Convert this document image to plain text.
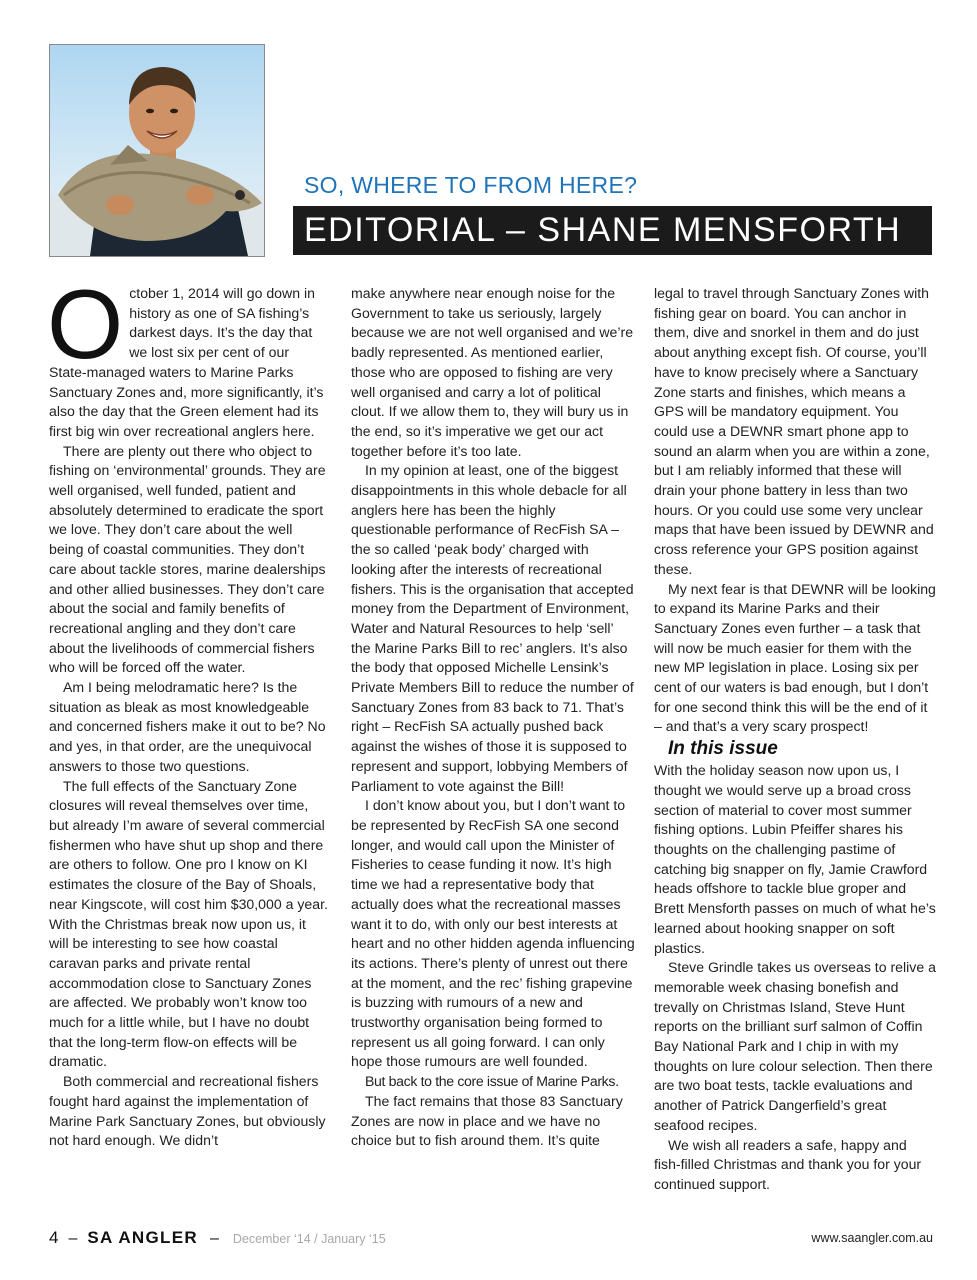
SO, WHERE TO FROM HERE?
EDITORIAL – SHANE MENSFORTH

October 1, 2014 will go down in history as one of SA fishing’s darkest days. It’s the day that we lost six per cent of our State-managed waters to Marine Parks Sanctuary Zones and, more significantly, it’s also the day that the Green element had its first big win over recreational anglers here.

There are plenty out there who object to fishing on ‘environmental’ grounds. They are well organised, well funded, patient and absolutely determined to eradicate the sport we love. They don’t care about the well being of coastal communities. They don’t care about tackle stores, marine dealerships and other allied businesses. They don’t care about the social and family benefits of recreational angling and they don’t care about the livelihoods of commercial fishers who will be forced off the water.

Am I being melodramatic here? Is the situation as bleak as most knowledgeable and concerned fishers make it out to be? No and yes, in that order, are the unequivocal answers to those two questions.

The full effects of the Sanctuary Zone closures will reveal themselves over time, but already I’m aware of several commercial fishermen who have shut up shop and there are others to follow. One pro I know on KI estimates the closure of the Bay of Shoals, near Kingscote, will cost him $30,000 a year. With the Christmas break now upon us, it will be interesting to see how coastal caravan parks and private rental accommodation close to Sanctuary Zones are affected. We probably won’t know too much for a little while, but I have no doubt that the long-term flow-on effects will be dramatic.

Both commercial and recreational fishers fought hard against the implementation of Marine Park Sanctuary Zones, but obviously not hard enough. We didn’t

make anywhere near enough noise for the Government to take us seriously, largely because we are not well organised and we’re badly represented. As mentioned earlier, those who are opposed to fishing are very well organised and carry a lot of political clout. If we allow them to, they will bury us in the end, so it’s imperative we get our act together before it’s too late.

In my opinion at least, one of the biggest disappointments in this whole debacle for all anglers here has been the highly questionable performance of RecFish SA – the so called ‘peak body’ charged with looking after the interests of recreational fishers. This is the organisation that accepted money from the Department of Environment, Water and Natural Resources to help ‘sell’ the Marine Parks Bill to rec’ anglers. It’s also the body that opposed Michelle Lensink’s Private Members Bill to reduce the number of Sanctuary Zones from 83 back to 71. That’s right – RecFish SA actually pushed back against the wishes of those it is supposed to represent and support, lobbying Members of Parliament to vote against the Bill!

I don’t know about you, but I don’t want to be represented by RecFish SA one second longer, and would call upon the Minister of Fisheries to cease funding it now. It’s high time we had a representative body that actually does what the recreational masses want it to do, with only our best interests at heart and no other hidden agenda influencing its actions. There’s plenty of unrest out there at the moment, and the rec’ fishing grapevine is buzzing with rumours of a new and trustworthy organisation being formed to represent us all going forward. I can only hope those rumours are well founded.

But back to the core issue of Marine Parks.

The fact remains that those 83 Sanctuary Zones are now in place and we have no choice but to fish around them. It’s quite

legal to travel through Sanctuary Zones with fishing gear on board. You can anchor in them, dive and snorkel in them and do just about anything except fish. Of course, you’ll have to know precisely where a Sanctuary Zone starts and finishes, which means a GPS will be mandatory equipment. You could use a DEWNR smart phone app to sound an alarm when you are within a zone, but I am reliably informed that these will drain your phone battery in less than two hours. Or you could use some very unclear maps that have been issued by DEWNR and cross reference your GPS position against these.

My next fear is that DEWNR will be looking to expand its Marine Parks and their Sanctuary Zones even further – a task that will now be much easier for them with the new MP legislation in place. Losing six per cent of our waters is bad enough, but I don’t for one second think this will be the end of it – and that’s a very scary prospect!

In this issue

With the holiday season now upon us, I thought we would serve up a broad cross section of material to cover most summer fishing options. Lubin Pfeiffer shares his thoughts on the challenging pastime of catching big snapper on fly, Jamie Crawford heads offshore to tackle blue groper and Brett Mensforth passes on much of what he’s learned about hooking snapper on soft plastics.

Steve Grindle takes us overseas to relive a memorable week chasing bonefish and trevally on Christmas Island, Steve Hunt reports on the brilliant surf salmon of Coffin Bay National Park and I chip in with my thoughts on lure colour selection. Then there are two boat tests, tackle evaluations and another of Patrick Dangerfield’s great seafood recipes.

We wish all readers a safe, happy and fish-filled Christmas and thank you for your continued support.

4 – SA ANGLER – December ‘14 / January ‘15	www.saangler.com.au
